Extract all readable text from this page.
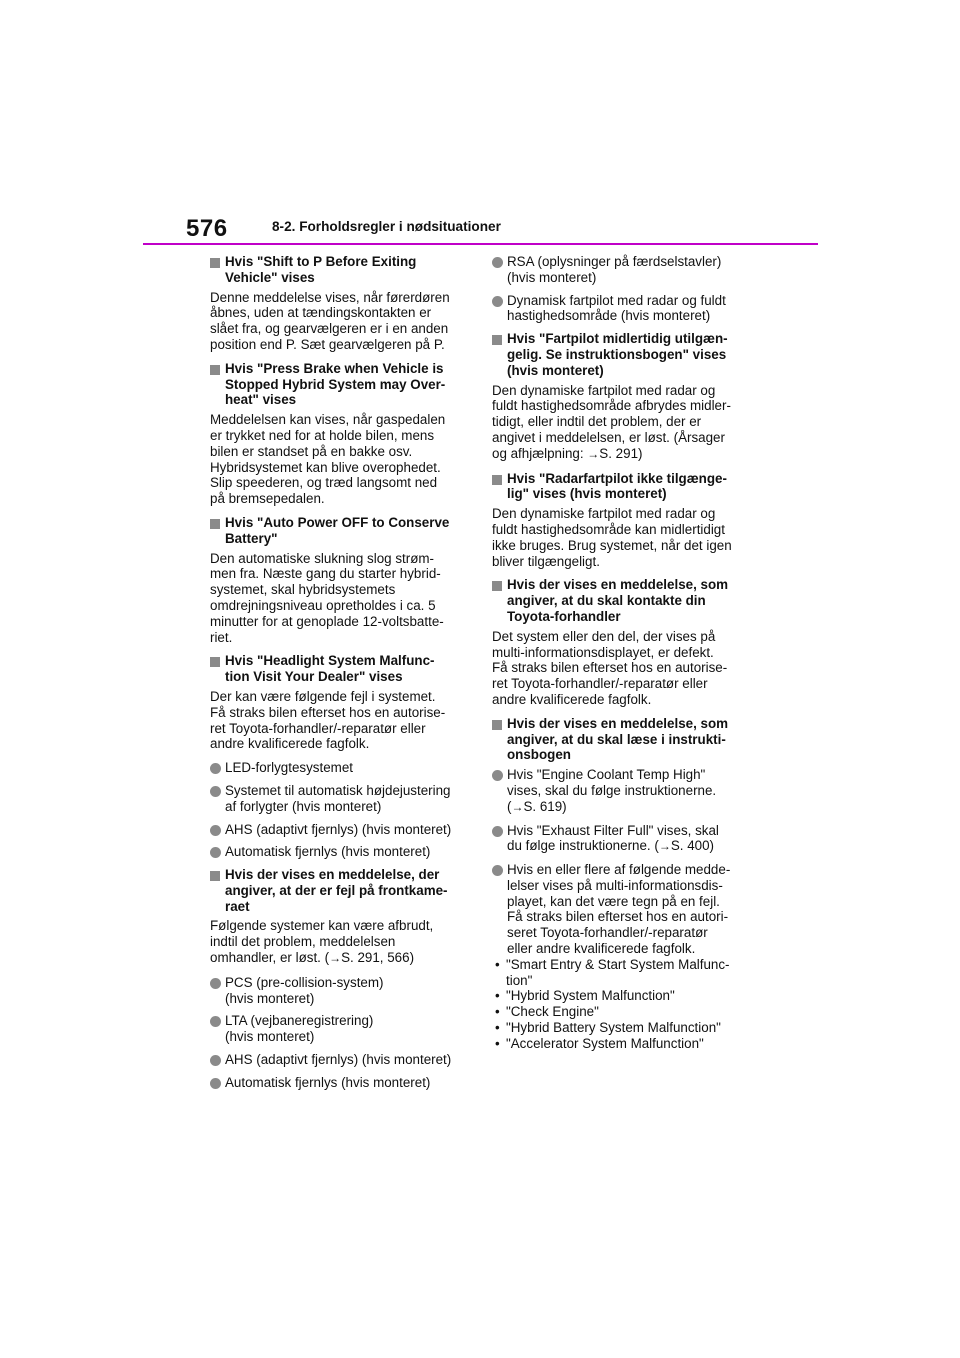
576	8-2. Forholdsregler i nødsituationer
Hvis "Shift to P Before Exiting
Vehicle" vises
Denne meddelelse vises, når førerdøren
åbnes, uden at tændingskontakten er
slået fra, og gearvælgeren er i en anden
position end P. Sæt gearvælgeren på P.
Hvis "Press Brake when Vehicle is
Stopped Hybrid System may Over-
heat" vises
Meddelelsen kan vises, når gaspedalen
er trykket ned for at holde bilen, mens
bilen er standset på en bakke osv.
Hybridsystemet kan blive overophedet.
Slip speederen, og træd langsomt ned
på bremsepedalen.
Hvis "Auto Power OFF to Conserve
Battery"
Den automatiske slukning slog strøm-
men fra. Næste gang du starter hybrid-
systemet, skal hybridsystemets
omdrejningsniveau opretholdes i ca. 5
minutter for at genoplade 12-voltsbatte-
riet.
Hvis "Headlight System Malfunc-
tion Visit Your Dealer" vises
Der kan være følgende fejl i systemet.
Få straks bilen efterset hos en autorise-
ret Toyota-forhandler/-reparatør eller
andre kvalificerede fagfolk.
LED-forlygtesystemet
Systemet til automatisk højdejustering
af forlygter (hvis monteret)
AHS (adaptivt fjernlys) (hvis monteret)
Automatisk fjernlys (hvis monteret)
Hvis der vises en meddelelse, der
angiver, at der er fejl på frontkame-
raet
Følgende systemer kan være afbrudt,
indtil det problem, meddelelsen
omhandler, er løst. (→S. 291, 566)
PCS (pre-collision-system)
(hvis monteret)
LTA (vejbaneregistrering)
(hvis monteret)
AHS (adaptivt fjernlys) (hvis monteret)
Automatisk fjernlys (hvis monteret)
RSA (oplysninger på færdselstavler)
(hvis monteret)
Dynamisk fartpilot med radar og fuldt
hastighedsområde (hvis monteret)
Hvis "Fartpilot midlertidig utilgæn-
gelig. Se instruktionsbogen" vises
(hvis monteret)
Den dynamiske fartpilot med radar og
fuldt hastighedsområde afbrydes midler-
tidigt, eller indtil det problem, der er
angivet i meddelelsen, er løst. (Årsager
og afhjælpning: →S. 291)
Hvis "Radarfartpilot ikke tilgænge-
lig" vises (hvis monteret)
Den dynamiske fartpilot med radar og
fuldt hastighedsområde kan midlertidigt
ikke bruges. Brug systemet, når det igen
bliver tilgængeligt.
Hvis der vises en meddelelse, som
angiver, at du skal kontakte din
Toyota-forhandler
Det system eller den del, der vises på
multi-informationsdisplayet, er defekt.
Få straks bilen efterset hos en autorise-
ret Toyota-forhandler/-reparatør eller
andre kvalificerede fagfolk.
Hvis der vises en meddelelse, som
angiver, at du skal læse i instrukti-
onsbogen
Hvis "Engine Coolant Temp High"
vises, skal du følge instruktionerne.
(→S. 619)
Hvis "Exhaust Filter Full" vises, skal
du følge instruktionerne. (→S. 400)
Hvis en eller flere af følgende medde-
lelser vises på multi-informationsdis-
playet, kan det være tegn på en fejl.
Få straks bilen efterset hos en autori-
seret Toyota-forhandler/-reparatør
eller andre kvalificerede fagfolk.
• "Smart Entry & Start System Malfunc-
tion"
• "Hybrid System Malfunction"
• "Check Engine"
• "Hybrid Battery System Malfunction"
• "Accelerator System Malfunction"
